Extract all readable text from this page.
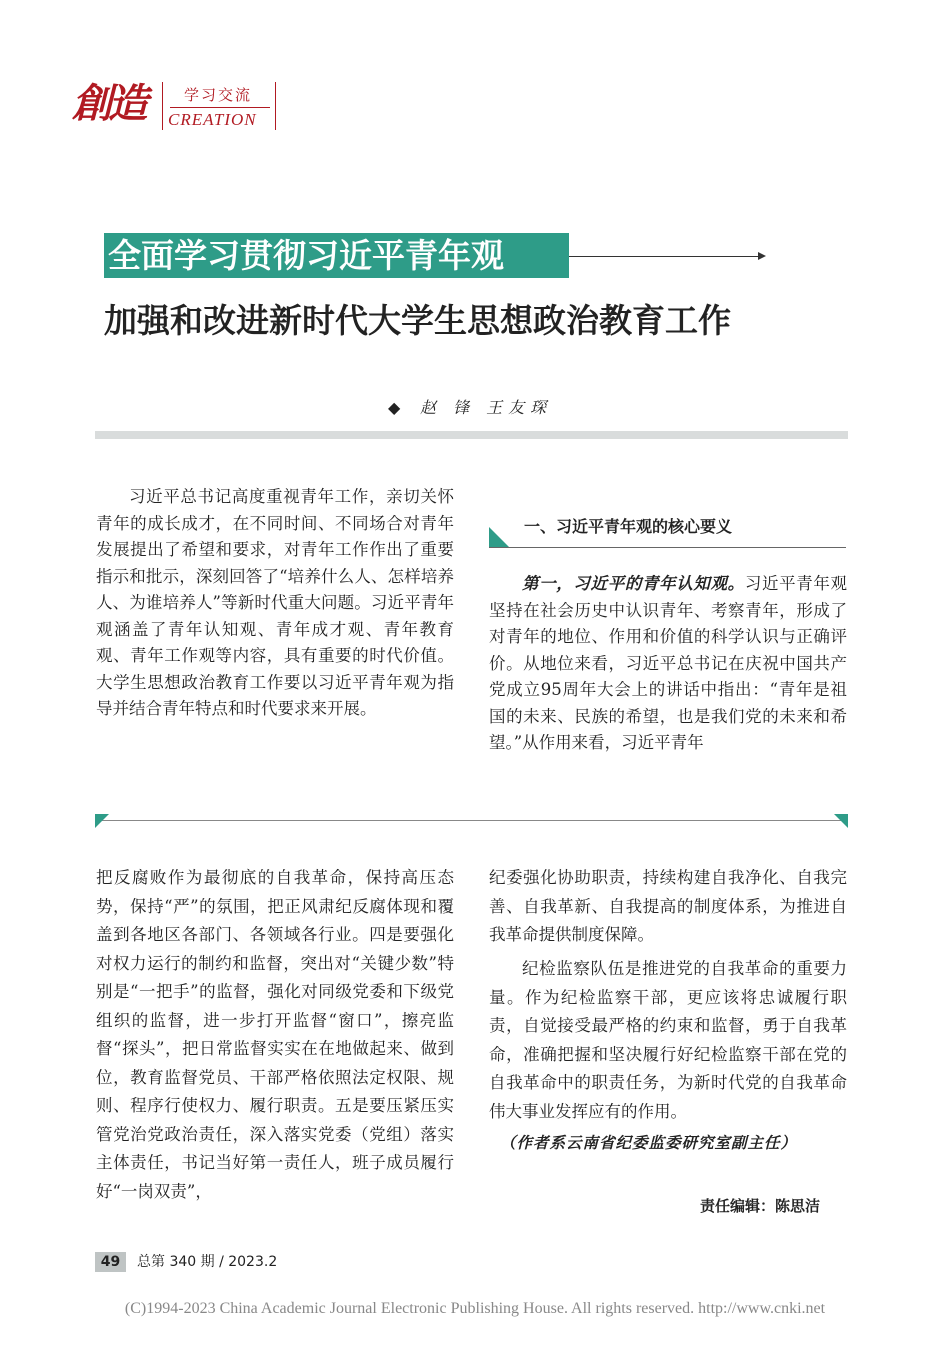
創造	学习交流
CREATION
全面学习贯彻习近平青年观
加强和改进新时代大学生思想政治教育工作
◆ 赵 锋 王友琛
习近平总书记高度重视青年工作，亲切关怀青年的成长成才，在不同时间、不同场合对青年发展提出了希望和要求，对青年工作作出了重要指示和批示，深刻回答了“培养什么人、怎样培养人、为谁培养人”等新时代重大问题。习近平青年观涵盖了青年认知观、青年成才观、青年教育观、青年工作观等内容，具有重要的时代价值。大学生思想政治教育工作要以习近平青年观为指导并结合青年特点和时代要求来开展。
一、习近平青年观的核心要义
第一，习近平的青年认知观。习近平青年观坚持在社会历史中认识青年、考察青年，形成了对青年的地位、作用和价值的科学认识与正确评价。从地位来看，习近平总书记在庆祝中国共产党成立95周年大会上的讲话中指出：“青年是祖国的未来、民族的希望，也是我们党的未来和希望。”从作用来看，习近平青年
把反腐败作为最彻底的自我革命，保持高压态势，保持“严”的氛围，把正风肃纪反腐体现和覆盖到各地区各部门、各领域各行业。四是要强化对权力运行的制约和监督，突出对“关键少数”特别是“一把手”的监督，强化对同级党委和下级党组织的监督，进一步打开监督“窗口”，擦亮监督“探头”，把日常监督实实在在地做起来、做到位，教育监督党员、干部严格依照法定权限、规则、程序行使权力、履行职责。五是要压紧压实管党治党政治责任，深入落实党委（党组）落实主体责任，书记当好第一责任人，班子成员履行好“一岗双责”，
纪委强化协助职责，持续构建自我净化、自我完善、自我革新、自我提高的制度体系，为推进自我革命提供制度保障。
纪检监察队伍是推进党的自我革命的重要力量。作为纪检监察干部，更应该将忠诚履行职责，自觉接受最严格的约束和监督，勇于自我革命，准确把握和坚决履行好纪检监察干部在党的自我革命中的职责任务，为新时代党的自我革命伟大事业发挥应有的作用。
（作者系云南省纪委监委研究室副主任）
责任编辑：陈思洁
49	总第 340 期 / 2023.2
(C)1994-2023 China Academic Journal Electronic Publishing House. All rights reserved. http://www.cnki.net
